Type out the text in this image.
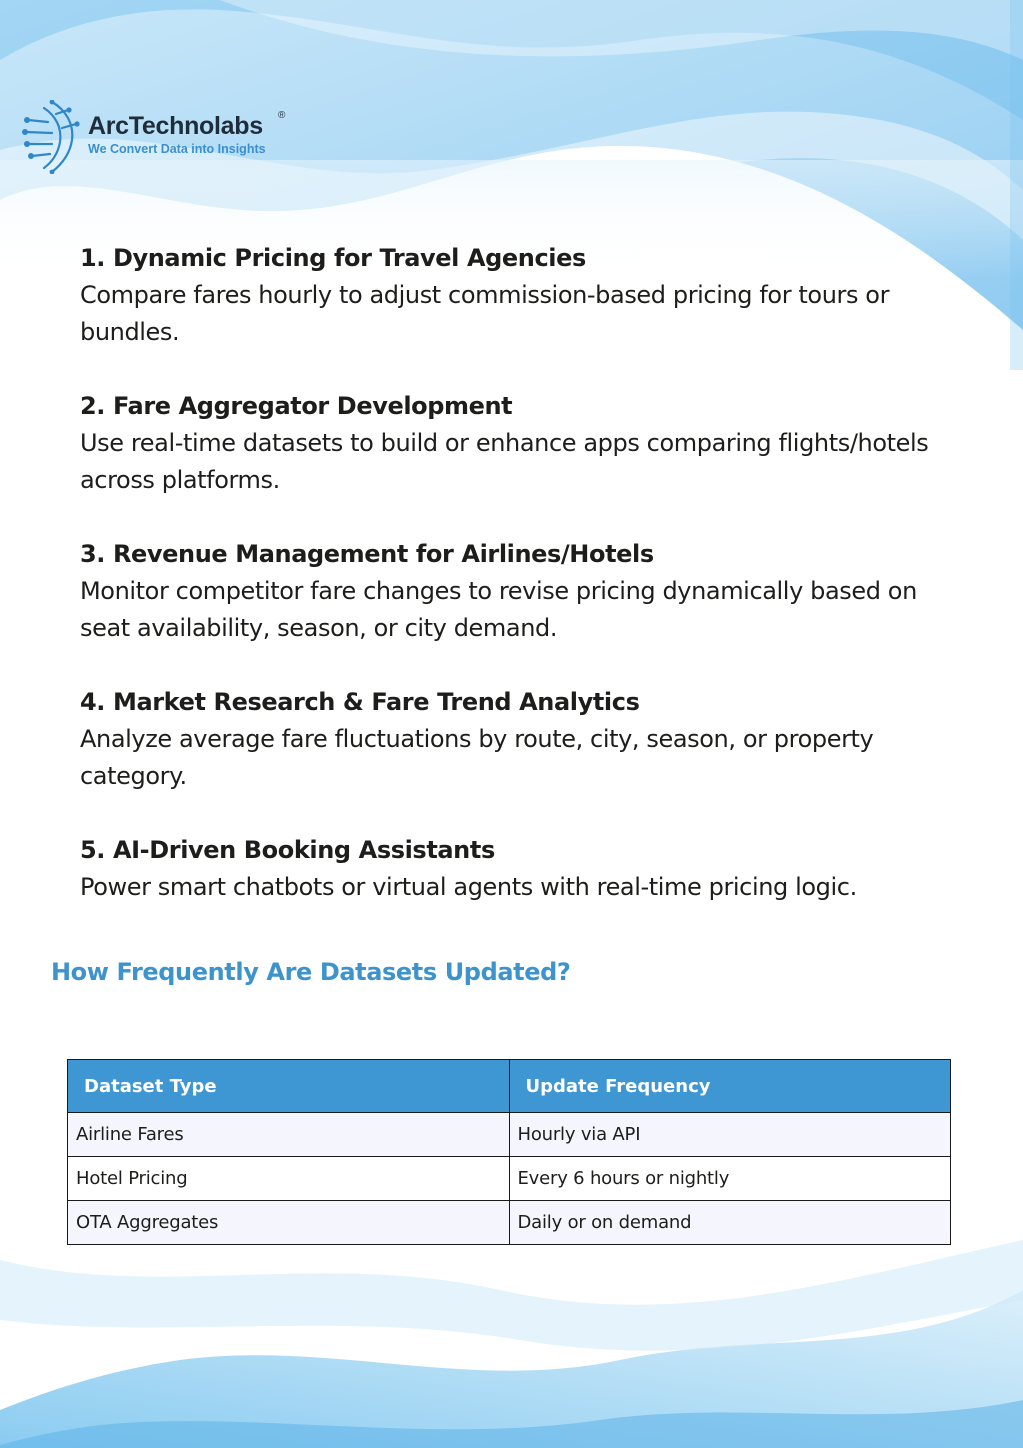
ArcTechnolabs ®
We Convert Data into Insights
1. Dynamic Pricing for Travel Agencies
Compare fares hourly to adjust commission-based pricing for tours or bundles.
2. Fare Aggregator Development
Use real-time datasets to build or enhance apps comparing flights/hotels across platforms.
3. Revenue Management for Airlines/Hotels
Monitor competitor fare changes to revise pricing dynamically based on seat availability, season, or city demand.
4. Market Research & Fare Trend Analytics
Analyze average fare fluctuations by route, city, season, or property category.
5. AI-Driven Booking Assistants
Power smart chatbots or virtual agents with real-time pricing logic.
How Frequently Are Datasets Updated?
Dataset Type	Update Frequency
Airline Fares	Hourly via API
Hotel Pricing	Every 6 hours or nightly
OTA Aggregates	Daily or on demand
